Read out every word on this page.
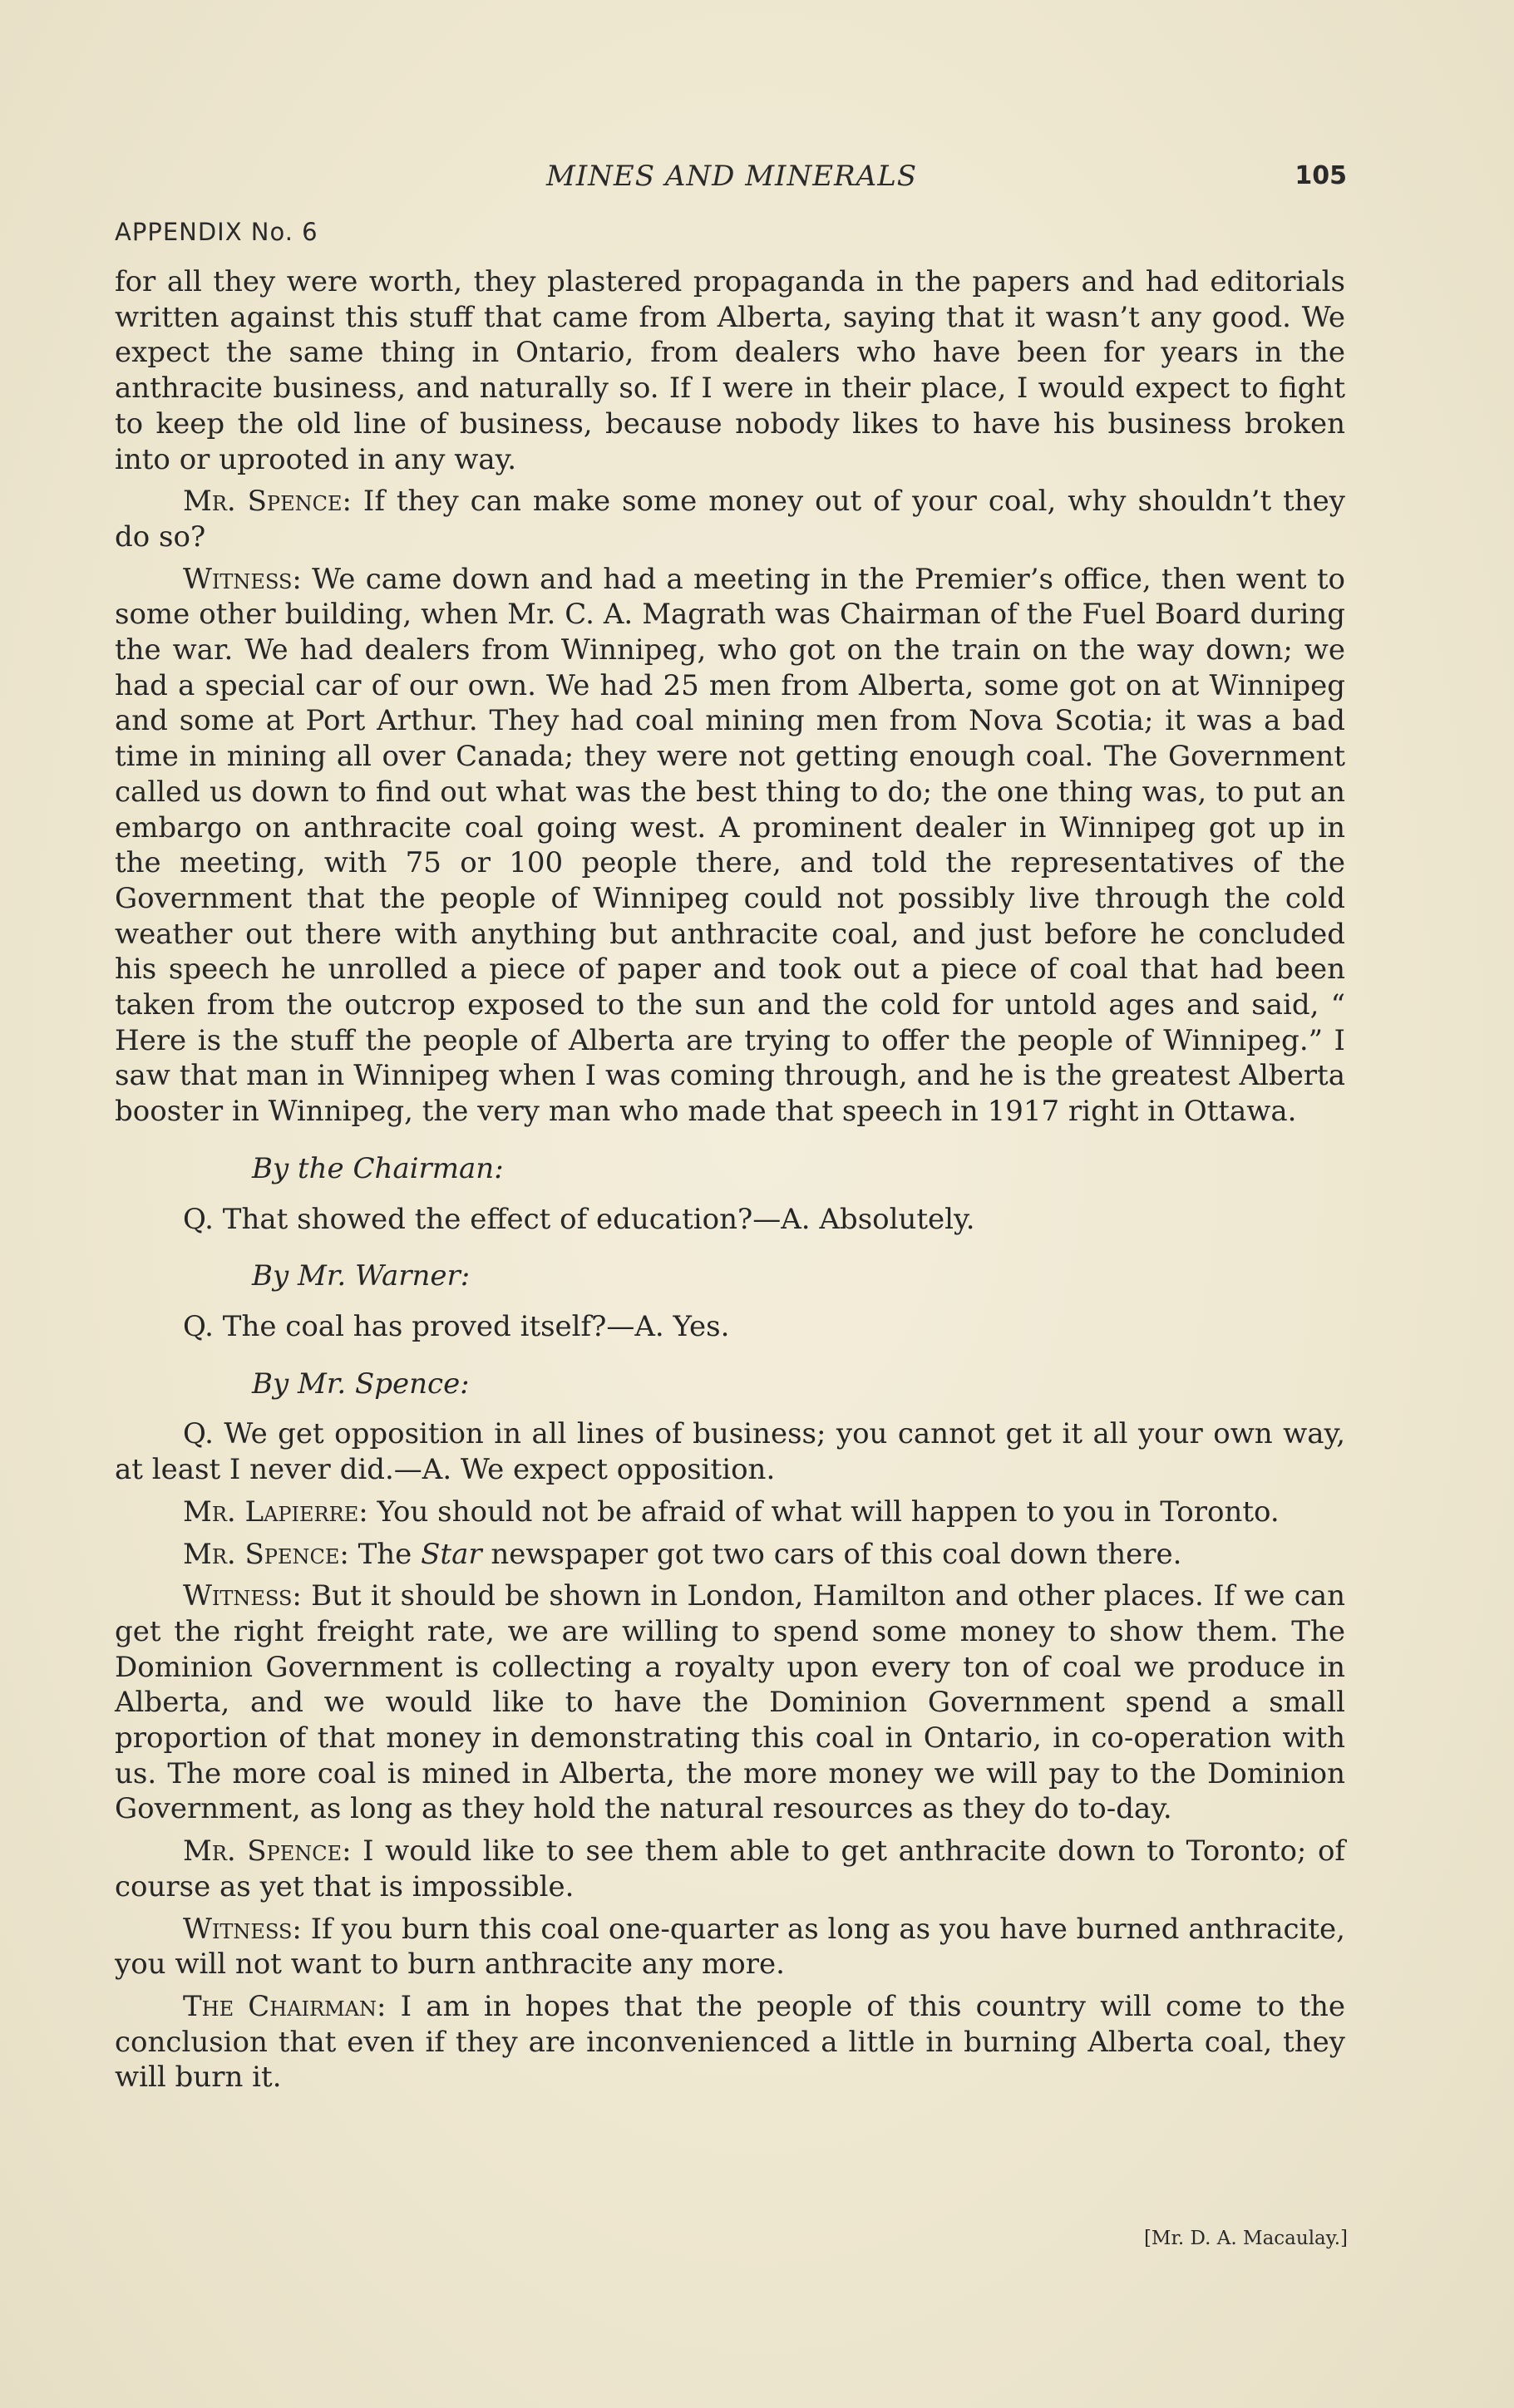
MINES AND MINERALS	105
APPENDIX No. 6

for all they were worth, they plastered propaganda in the papers and had editorials written against this stuff that came from Alberta, saying that it wasn’t any good. We expect the same thing in Ontario, from dealers who have been for years in the anthracite business, and naturally so. If I were in their place, I would expect to fight to keep the old line of business, because nobody likes to have his business broken into or uprooted in any way.

Mr. Spence: If they can make some money out of your coal, why shouldn’t they do so?

Witness: We came down and had a meeting in the Premier’s office, then went to some other building, when Mr. C. A. Magrath was Chairman of the Fuel Board during the war. We had dealers from Winnipeg, who got on the train on the way down; we had a special car of our own. We had 25 men from Alberta, some got on at Winnipeg and some at Port Arthur. They had coal mining men from Nova Scotia; it was a bad time in mining all over Canada; they were not getting enough coal. The Government called us down to find out what was the best thing to do; the one thing was, to put an embargo on anthracite coal going west. A prominent dealer in Winnipeg got up in the meeting, with 75 or 100 people there, and told the representatives of the Government that the people of Winnipeg could not possibly live through the cold weather out there with anything but anthracite coal, and just before he concluded his speech he unrolled a piece of paper and took out a piece of coal that had been taken from the outcrop exposed to the sun and the cold for untold ages and said, “ Here is the stuff the people of Alberta are trying to offer the people of Winnipeg.” I saw that man in Winnipeg when I was coming through, and he is the greatest Alberta booster in Winnipeg, the very man who made that speech in 1917 right in Ottawa.

By the Chairman:

Q. That showed the effect of education?—A. Absolutely.

By Mr. Warner:

Q. The coal has proved itself?—A. Yes.

By Mr. Spence:

Q. We get opposition in all lines of business; you cannot get it all your own way, at least I never did.—A. We expect opposition.

Mr. Lapierre: You should not be afraid of what will happen to you in Toronto.

Mr. Spence: The Star newspaper got two cars of this coal down there.

Witness: But it should be shown in London, Hamilton and other places. If we can get the right freight rate, we are willing to spend some money to show them. The Dominion Government is collecting a royalty upon every ton of coal we produce in Alberta, and we would like to have the Dominion Government spend a small proportion of that money in demonstrating this coal in Ontario, in co-operation with us. The more coal is mined in Alberta, the more money we will pay to the Dominion Government, as long as they hold the natural resources as they do to-day.

Mr. Spence: I would like to see them able to get anthracite down to Toronto; of course as yet that is impossible.

Witness: If you burn this coal one-quarter as long as you have burned anthracite, you will not want to burn anthracite any more.

The Chairman: I am in hopes that the people of this country will come to the conclusion that even if they are inconvenienced a little in burning Alberta coal, they will burn it.

[Mr. D. A. Macaulay.]
